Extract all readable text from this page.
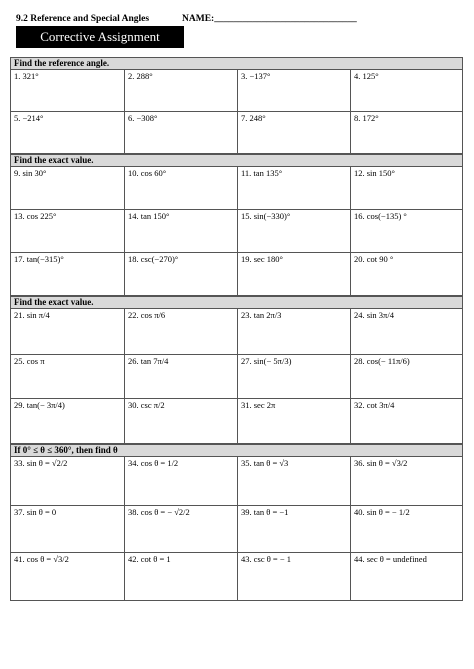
9.2 Reference and Special Angles	NAME:______________________________
Corrective Assignment
Find the reference angle.
1. 321°	2. 288°	3. −137°	4. 125°
5. −214°	6. −308°	7. 248°	8. 172°
Find the exact value.
9. sin 30°	10. cos 60°	11. tan 135°	12. sin 150°
13. cos 225°	14. tan 150°	15. sin(−330)°	16. cos(−135) °
17. tan(−315)°	18. csc(−270)°	19. sec 180°	20. cot 90 °
Find the exact value.
21. sin π/4	22. cos π/6	23. tan 2π/3	24. sin 3π/4
25. cos π	26. tan 7π/4	27. sin(− 5π/3)	28. cos(− 11π/6)
29. tan(− 3π/4)	30. csc π/2	31. sec 2π	32. cot 3π/4
If 0° ≤ θ ≤ 360°, then find θ
33. sin θ = √2/2	34. cos θ = 1/2	35. tan θ = √3	36. sin θ = √3/2
37. sin θ = 0	38. cos θ = − √2/2	39. tan θ = −1	40. sin θ = − 1/2
41. cos θ = √3/2	42. cot θ = 1	43. csc θ = − 1	44. sec θ = undefined
